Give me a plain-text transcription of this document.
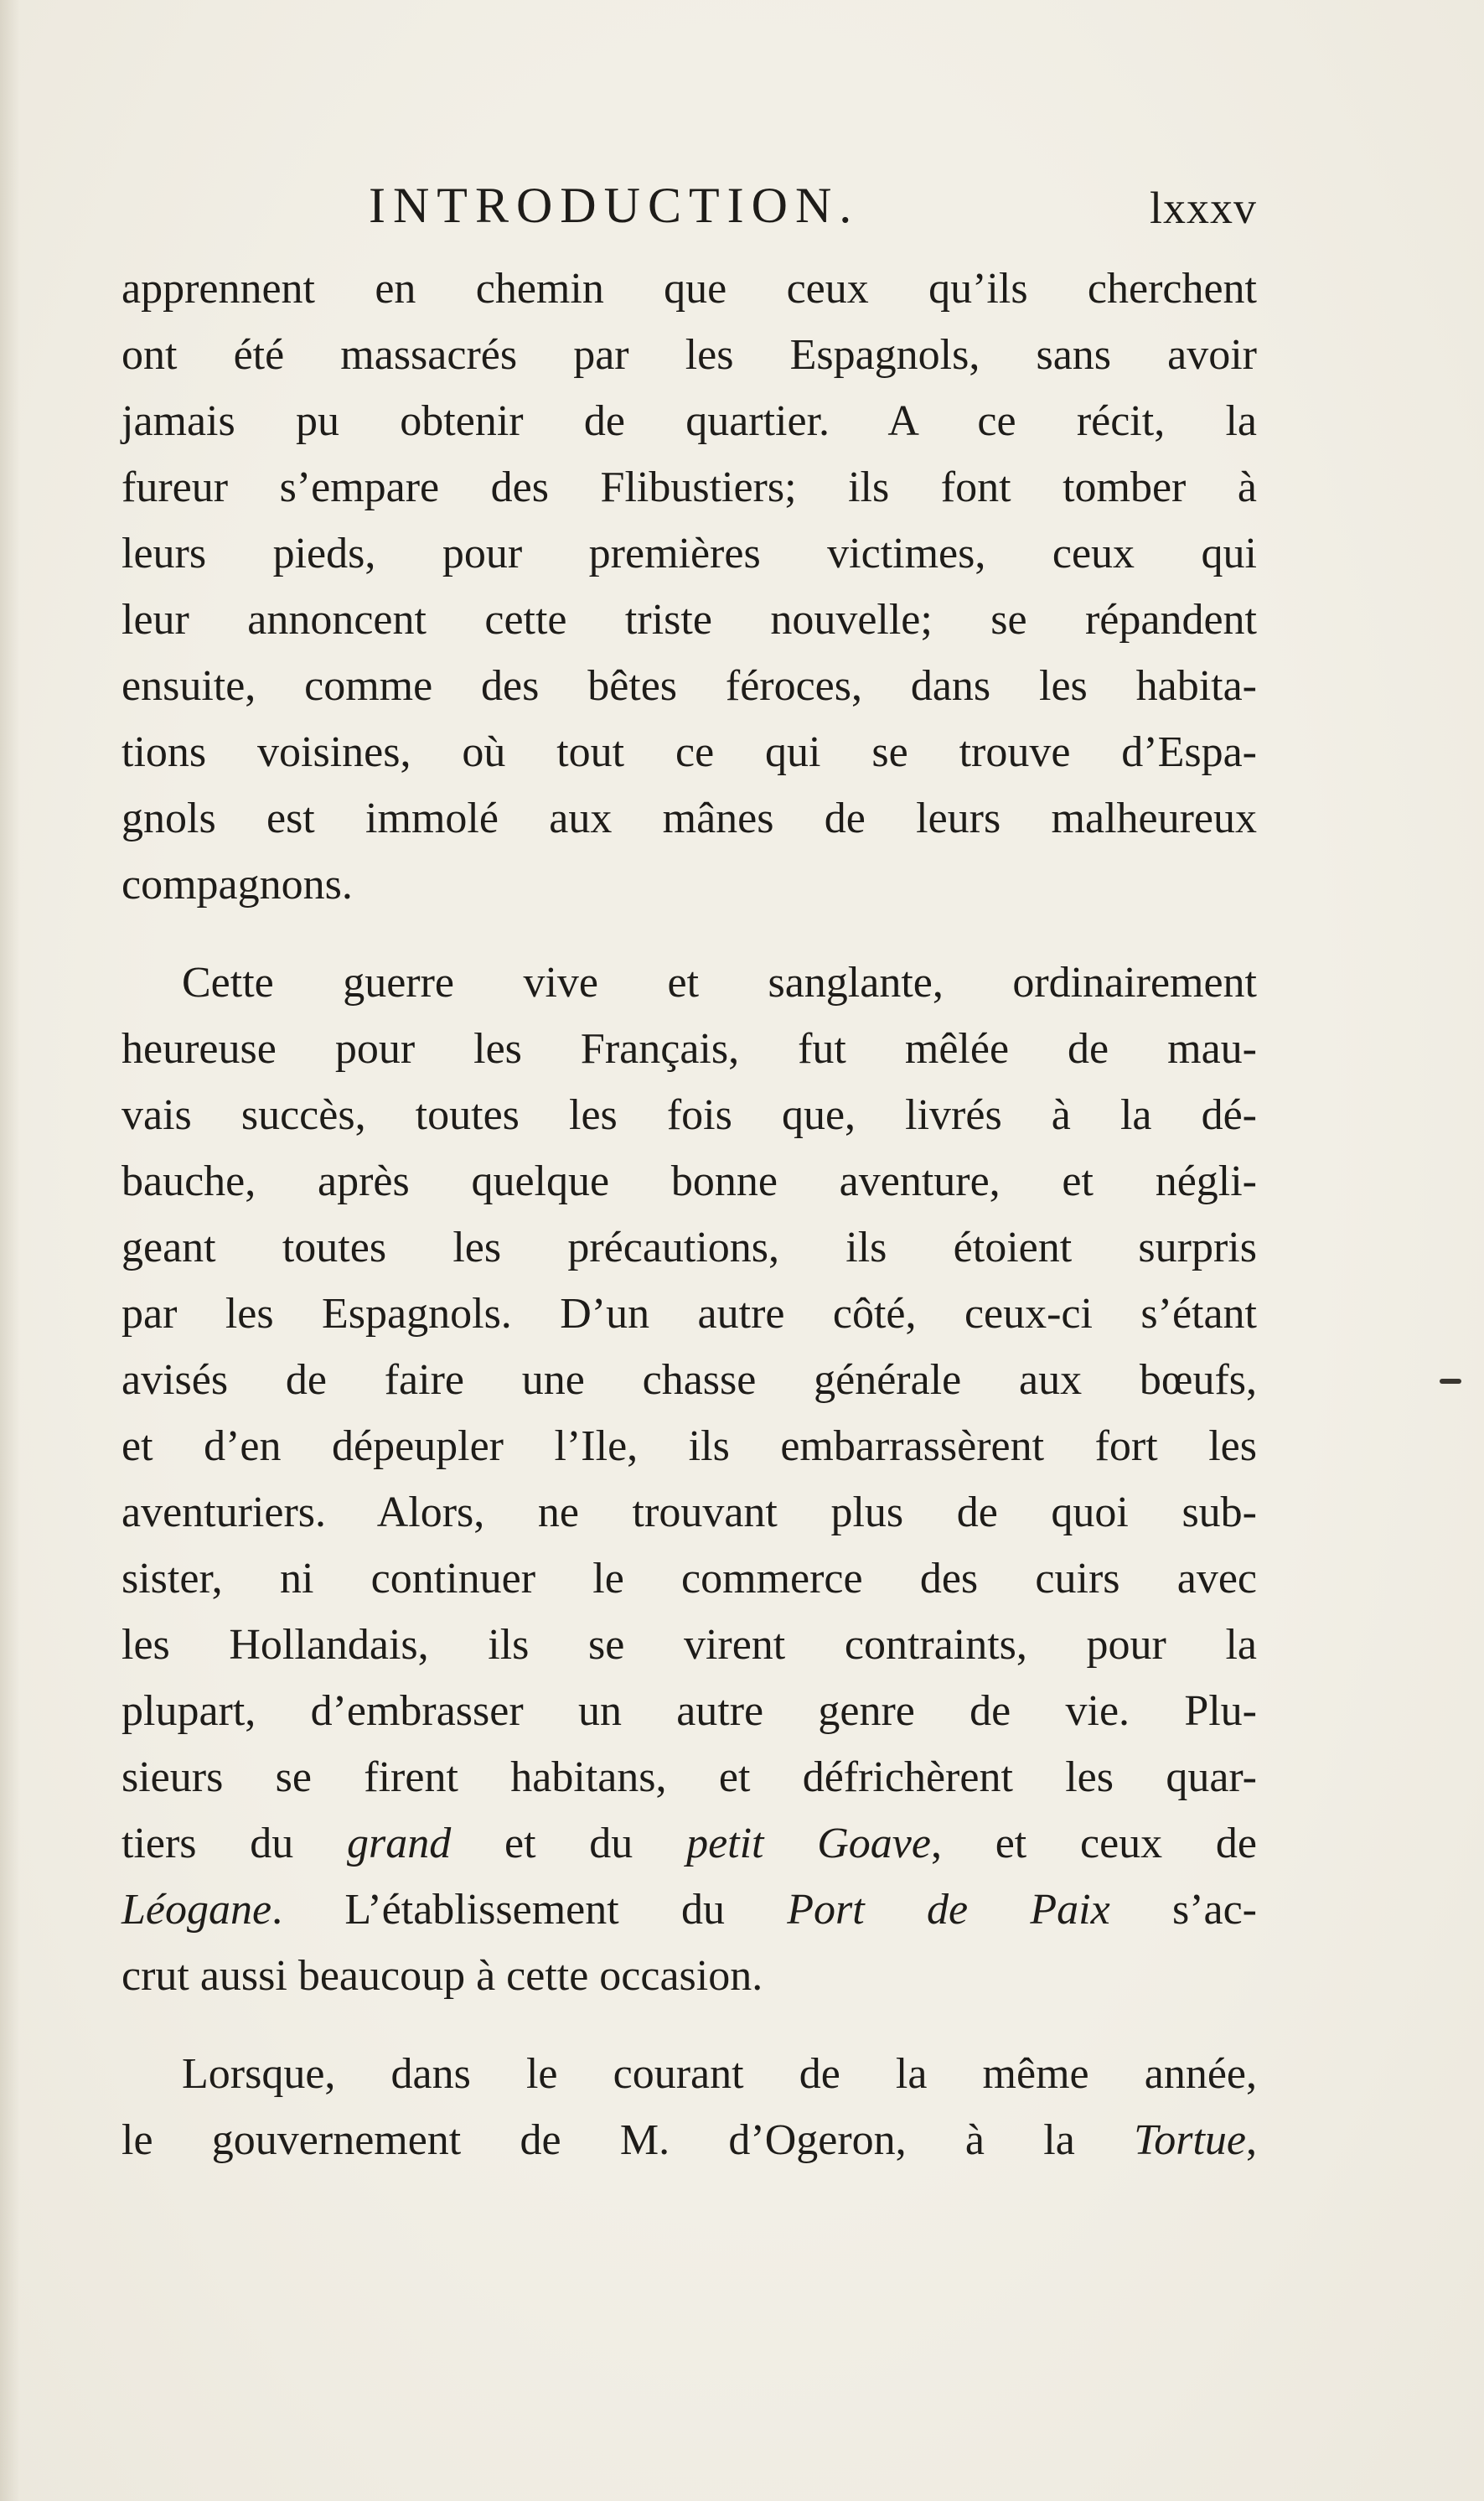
INTRODUCTION.	lxxxv

apprennent en chemin que ceux qu’ils cherchent
ont été massacrés par les Espagnols, sans avoir
jamais pu obtenir de quartier. A ce récit, la
fureur s’empare des Flibustiers; ils font tomber à
leurs pieds, pour premières victimes, ceux qui
leur annoncent cette triste nouvelle; se répandent
ensuite, comme des bêtes féroces, dans les habita-
tions voisines, où tout ce qui se trouve d’Espa-
gnols est immolé aux mânes de leurs malheureux
compagnons.

Cette guerre vive et sanglante, ordinairement
heureuse pour les Français, fut mêlée de mau-
vais succès, toutes les fois que, livrés à la dé-
bauche, après quelque bonne aventure, et négli-
geant toutes les précautions, ils étoient surpris
par les Espagnols. D’un autre côté, ceux-ci s’étant
avisés de faire une chasse générale aux bœufs,
et d’en dépeupler l’Ile, ils embarrassèrent fort les
aventuriers. Alors, ne trouvant plus de quoi sub-
sister, ni continuer le commerce des cuirs avec
les Hollandais, ils se virent contraints, pour la
plupart, d’embrasser un autre genre de vie. Plu-
sieurs se firent habitans, et défrichèrent les quar-
tiers du grand et du petit Goave, et ceux de
Léogane. L’établissement du Port de Paix s’ac-
crut aussi beaucoup à cette occasion.

Lorsque, dans le courant de la même année,
le gouvernement de M. d’Ogeron, à la Tortue,
